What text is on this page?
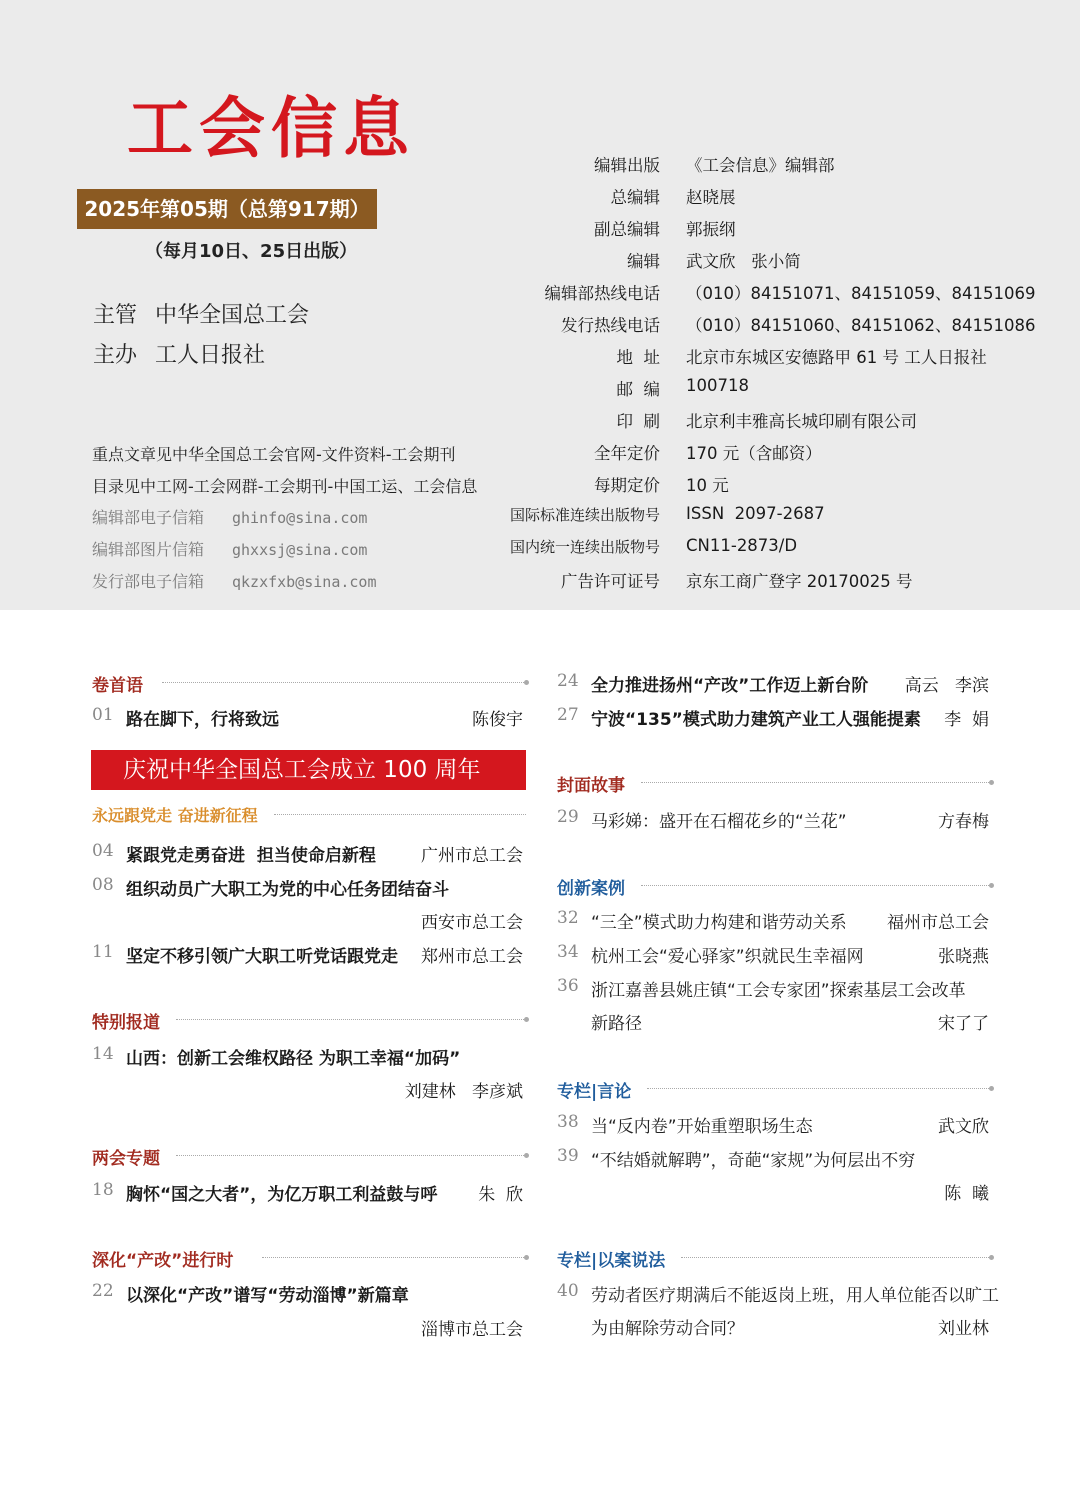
工会信息
2025年第05期（总第917期）
（每月10日、25日出版）
主管 中华全国总工会
主办 工人日报社
重点文章见中华全国总工会官网-文件资料-工会期刊
目录见中工网-工会网群-工会期刊-中国工运、工会信息
编辑部电子信箱 ghinfo@sina.com
编辑部图片信箱 ghxxsj@sina.com
发行部电子信箱 qkzxfxb@sina.com
编辑出版 《工会信息》编辑部
总编辑 赵晓展
副总编辑 郭振纲
编辑 武文欣   张小简
编辑部热线电话 （010）84151071、84151059、84151069
发行热线电话 （010）84151060、84151062、84151086
地  址 北京市东城区安德路甲 61 号 工人日报社
邮  编 100718
印  刷 北京利丰雅高长城印刷有限公司
全年定价 170 元（含邮资）
每期定价 10 元
国际标准连续出版物号 ISSN  2097-2687
国内统一连续出版物号 CN11-2873/D
广告许可证号 京东工商广登字 20170025 号
卷首语
01 路在脚下，行将致远	陈俊宇
庆祝中华全国总工会成立 100 周年
永远跟党走 奋进新征程
04 紧跟党走勇奋进  担当使命启新程	广州市总工会
08 组织动员广大职工为党的中心任务团结奋斗
西安市总工会
11 坚定不移引领广大职工听党话跟党走 郑州市总工会
特别报道
14 山西：创新工会维权路径 为职工幸福“加码”
刘建林   李彦斌
两会专题
18 胸怀“国之大者”，为亿万职工利益鼓与呼 朱  欣
深化“产改”进行时
22 以深化“产改”谱写“劳动淄博”新篇章
淄博市总工会
24 全力推进扬州“产改”工作迈上新台阶 高云   李滨
27 宁波“135”模式助力建筑产业工人强能提素 李  娟
封面故事
29 马彩娣：盛开在石榴花乡的“兰花”	方春梅
创新案例
32 “三全”模式助力构建和谐劳动关系 福州市总工会
34 杭州工会“爱心驿家”织就民生幸福网	张晓燕
36 浙江嘉善县姚庄镇“工会专家团”探索基层工会改革
新路径	宋了了
专栏|言论
38 当“反内卷”开始重塑职场生态	武文欣
39 “不结婚就解聘”，奇葩“家规”为何层出不穷
陈  曦
专栏|以案说法
40 劳动者医疗期满后不能返岗上班，用人单位能否以旷工
为由解除劳动合同？	刘业林
